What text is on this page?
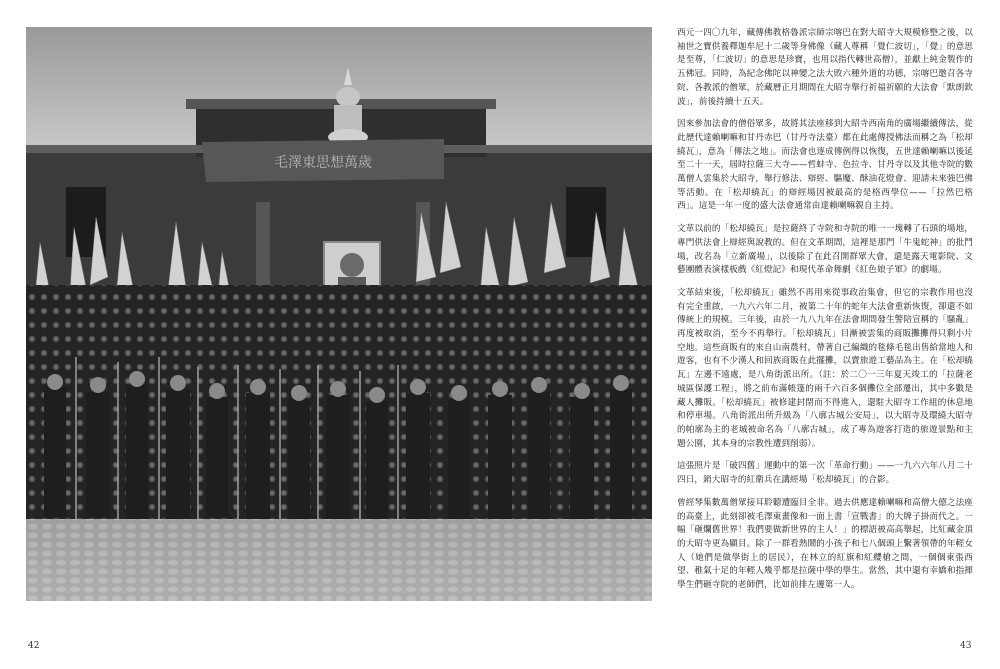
毛澤東思想萬歲

西元一四〇九年，藏傳佛教格魯派宗師宗喀巴在對大昭寺大規模修整之後，以袖世之寶供養釋迦牟尼十二歲等身佛像（藏人尊稱「覺仁波切」，「覺」的意思是至尊，「仁波切」的意思是珍寶，也用以指代轉世高僧），並獻上純金製作的五佛冠。同時，為紀念佛陀以神變之法大敗六種外道的功德，宗喀巴邀召各寺院、各教派的僧眾，於藏曆正月期間在大昭寺舉行祈福祈願的大法會「默朗欽波」，前後持續十五天。

因來參加法會的僧俗眾多，故將其法座移到大昭寺西南角的廣場繼續傳法，從此歷代達賴喇嘛和甘丹赤巴（甘丹寺法臺）都在此處傳授佛法而稱之為「松却繞瓦」，意為「傳法之地」。而法會也逐成傳例得以恢復，五世達賴喇嘛以後延至二十一天，屆時拉薩三大寺——哲蚌寺、色拉寺、甘丹寺以及其他寺院的數萬僧人雲集於大昭寺，舉行修法、辯經、驅魔、酥油花燈會、迎請未來強巴佛等活動。在「松却繞瓦」的辯經場因被最高的是格西學位——「拉然巴格西」。這是一年一度的盛大法會通常由達賴喇嘛親自主持。

文革以前的「松却繞瓦」是拉薩終了寺院和寺院的唯一一塊轉了石頭的場地，專門供法會上辯經與說教的。但在文革期間，這裡是那門「牛鬼蛇神」的批鬥場，改名為「立新廣場」，以後除了在此召開群眾大會，還是露天電影院、文藝團體表演樣板戲《紅燈記》和現代革命舞劇《紅色娘子軍》的劇場。

文革結束後，「松却繞瓦」雖然不再用來從事政治集會，但它的宗教作用也沒有完全重啟，一九六六年二月，被第二十年的蛇年大法會重新恢復，卻還不如傳統上的規模。三年後，由於一九八九年在法會期間發生警陪宣稱的「騷亂」再度被取消，至今不再舉行。「松却繞瓦」目漸被雲集的商販攤攤得只剩小片空地。這些商販有的來自山南農村，帶著自己編織的毯條毛毯出售給當地人和遊客，也有不少漢人和回族商販在此擺攤，以賣旅遊工藝品為主。在「松却繞瓦」左邊不遠處，是八角街派出所。（註：於二〇一三年夏天竣工的「拉薩老城區保護工程」，將之前布滿帳篷的兩千六百多個攤位全部遷出，其中多數是藏人攤販。「松却繞瓦」被修建封閉而不得進入，還駐大昭寺工作組的休息地和停車場。八角街派出所升級為「八廓古城公安局」，以大昭寺及環繞大昭寺的帕廓為主的老城被命名為「八廓古城」，成了專為遊客打造的旅遊景點和主題公園，其本身的宗教性遭到削弱）。

這張照片是「破四舊」運動中的第一次「革命行動」——一九六六年八月二十四日，銷大昭寺的紅衛兵在講經場「松却繞瓦」的合影。

曾經琴集數萬僧眾接耳聆聽遭臨目全非。過去供應達賴喇嘛和高僧大德之法座的高臺上，此刻卻被毛澤東畫像和一面上書「宣戰書」的大牌子掛而代之。一幅「砸爛舊世界！我們要做新世界的主人！」的標語被高高舉起，比紅藏金頂的大昭寺更為顯目。除了一群看熱鬧的小孩子和七八個頭上繫著領帶的年輕女人（她們是做學街上的居民），在林立的紅旗和紅纓槍之間，一個個東張西望、稚氣十足的年輕人幾乎都是拉薩中學的學生。當然，其中還有幸嬌和指揮學生們砸寺院的老師們，比如前排左邊第一人。

42	43
